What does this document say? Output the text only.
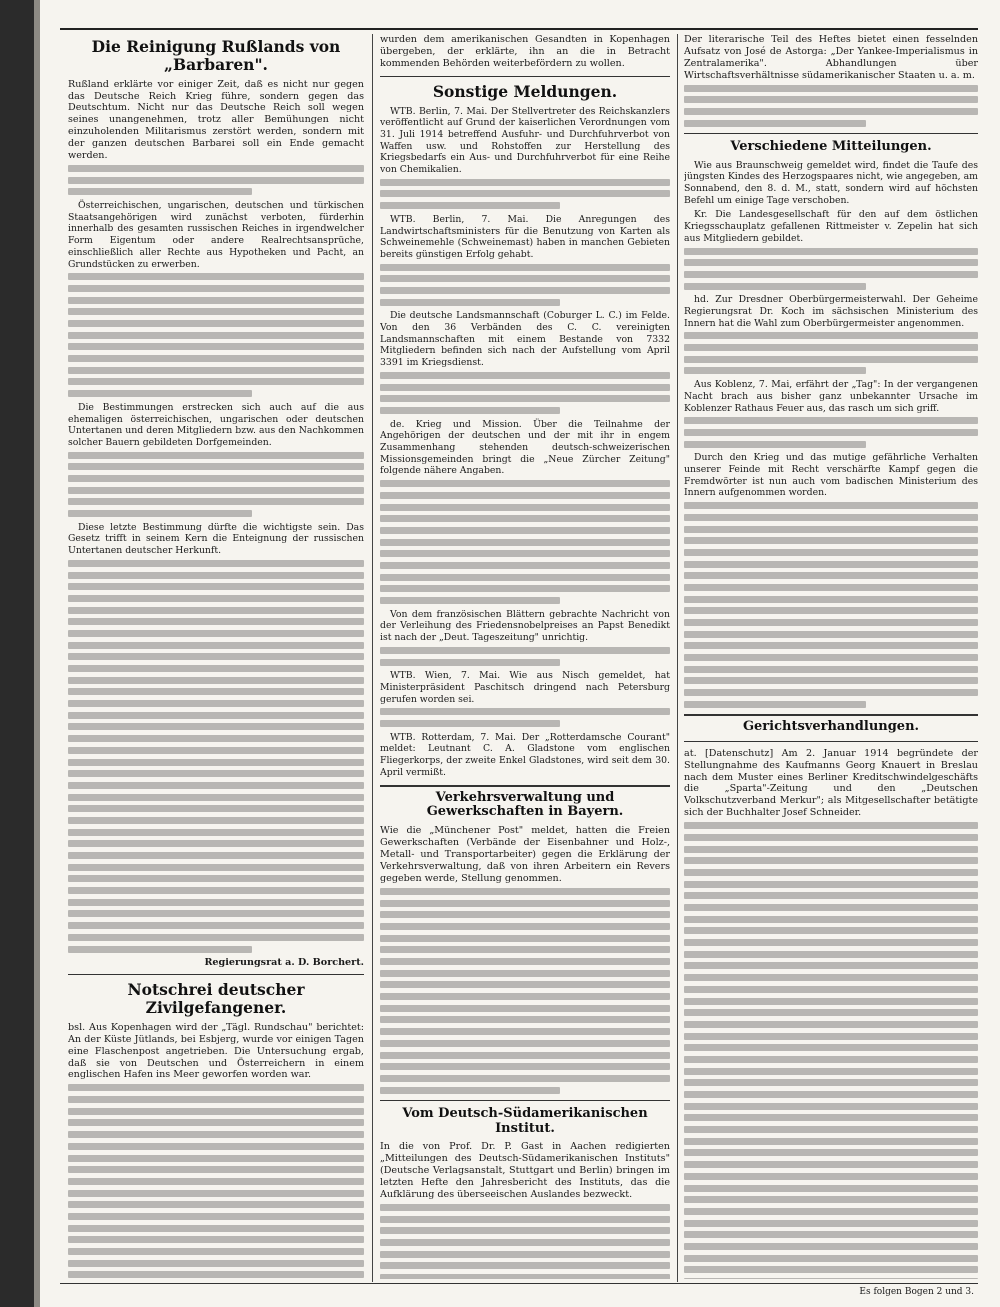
Die Reinigung Rußlands von „Barbaren".

Rußland erklärte vor einiger Zeit, daß es nicht nur gegen das Deutsche Reich Krieg führe, sondern gegen das Deutschtum. Nicht nur das Deutsche Reich soll wegen seines unangenehmen, trotz aller Bemühungen nicht einzuholenden Militarismus zerstört werden, sondern mit der ganzen deutschen Barbarei soll ein Ende gemacht werden.

Österreichischen, ungarischen, deutschen und türkischen Staatsangehörigen wird zunächst verboten, fürderhin innerhalb des gesamten russischen Reiches in irgendwelcher Form Eigentum oder andere Realrechtsansprüche, einschließlich aller Rechte aus Hypotheken und Pacht, an Grundstücken zu erwerben.

Die Bestimmungen erstrecken sich auch auf die aus ehemaligen österreichischen, ungarischen oder deutschen Untertanen und deren Mitgliedern bzw. aus den Nachkommen solcher Bauern gebildeten Dorfgemeinden.

Diese letzte Bestimmung dürfte die wichtigste sein. Das Gesetz trifft in seinem Kern die Enteignung der russischen Untertanen deutscher Herkunft.

Regierungsrat a. D. Borchert.
Notschrei deutscher Zivilgefangener.

bsl. Aus Kopenhagen wird der „Tägl. Rundschau" berichtet: An der Küste Jütlands, bei Esbjerg, wurde vor einigen Tagen eine Flaschenpost angetrieben. Die Untersuchung ergab, daß sie von Deutschen und Österreichern in einem englischen Hafen ins Meer geworfen worden war.

wurden dem amerikanischen Gesandten in Kopenhagen übergeben, der erklärte, ihn an die in Betracht kommenden Behörden weiterbefördern zu wollen.

Sonstige Meldungen.

WTB. Berlin, 7. Mai. Der Stellvertreter des Reichskanzlers veröffentlicht auf Grund der kaiserlichen Verordnungen vom 31. Juli 1914 betreffend Ausfuhr- und Durchfuhrverbot von Waffen usw. und Rohstoffen zur Herstellung des Kriegsbedarfs ein Aus- und Durchfuhrverbot für eine Reihe von Chemikalien.

WTB. Berlin, 7. Mai. Die Anregungen des Landwirtschaftsministers für die Benutzung von Karten als Schweinemehle (Schweinemast) haben in manchen Gebieten bereits günstigen Erfolg gehabt.

Die deutsche Landsmannschaft (Coburger L. C.) im Felde. Von den 36 Verbänden des C. C. vereinigten Landsmannschaften mit einem Bestande von 7332 Mitgliedern befinden sich nach der Aufstellung vom April 3391 im Kriegsdienst.

de. Krieg und Mission. Über die Teilnahme der Angehörigen der deutschen und der mit ihr in engem Zusammenhang stehenden deutsch-schweizerischen Missionsgemeinden bringt die „Neue Zürcher Zeitung" folgende nähere Angaben.

Von dem französischen Blättern gebrachte Nachricht von der Verleihung des Friedensnobelpreises an Papst Benedikt ist nach der „Deut. Tageszeitung" unrichtig.

WTB. Wien, 7. Mai. Wie aus Nisch gemeldet, hat Ministerpräsident Paschitsch dringend nach Petersburg gerufen worden sei.

WTB. Rotterdam, 7. Mai. Der „Rotterdamsche Courant" meldet: Leutnant C. A. Gladstone vom englischen Fliegerkorps, der zweite Enkel Gladstones, wird seit dem 30. April vermißt.

Verkehrsverwaltung und Gewerkschaften in Bayern.

Wie die „Münchener Post" meldet, hatten die Freien Gewerkschaften (Verbände der Eisenbahner und Holz-, Metall- und Transportarbeiter) gegen die Erklärung der Verkehrsverwaltung, daß von ihren Arbeitern ein Revers gegeben werde, Stellung genommen.

Vom Deutsch-Südamerikanischen Institut.

In die von Prof. Dr. P. Gast in Aachen redigierten „Mitteilungen des Deutsch-Südamerikanischen Instituts" (Deutsche Verlagsanstalt, Stuttgart und Berlin) bringen im letzten Hefte den Jahresbericht des Instituts, das die Aufklärung des überseeischen Auslandes bezweckt.

Der literarische Teil des Heftes bietet einen fesselnden Aufsatz von José de Astorga: „Der Yankee-Imperialismus in Zentralamerika". Abhandlungen über Wirtschaftsverhältnisse südamerikanischer Staaten u. a. m.

Verschiedene Mitteilungen.

Wie aus Braunschweig gemeldet wird, findet die Taufe des jüngsten Kindes des Herzogspaares nicht, wie angegeben, am Sonnabend, den 8. d. M., statt, sondern wird auf höchsten Befehl um einige Tage verschoben.

Kr. Die Landesgesellschaft für den auf dem östlichen Kriegsschauplatz gefallenen Rittmeister v. Zepelin hat sich aus Mitgliedern gebildet.

hd. Zur Dresdner Oberbürgermeisterwahl. Der Geheime Regierungsrat Dr. Koch im sächsischen Ministerium des Innern hat die Wahl zum Oberbürgermeister angenommen.

Aus Koblenz, 7. Mai, erfährt der „Tag": In der vergangenen Nacht brach aus bisher ganz unbekannter Ursache im Koblenzer Rathaus Feuer aus, das rasch um sich griff.

Durch den Krieg und das mutige gefährliche Verhalten unserer Feinde mit Recht verschärfte Kampf gegen die Fremdwörter ist nun auch vom badischen Ministerium des Innern aufgenommen worden.

Gerichtsverhandlungen.

at. [Datenschutz] Am 2. Januar 1914 begründete der Stellungnahme des Kaufmanns Georg Knauert in Breslau nach dem Muster eines Berliner Kreditschwindelgeschäfts die „Sparta"-Zeitung und den „Deutschen Volkschutzverband Merkur"; als Mitgesellschafter betätigte sich der Buchhalter Josef Schneider.

Es folgen Bogen 2 und 3.
